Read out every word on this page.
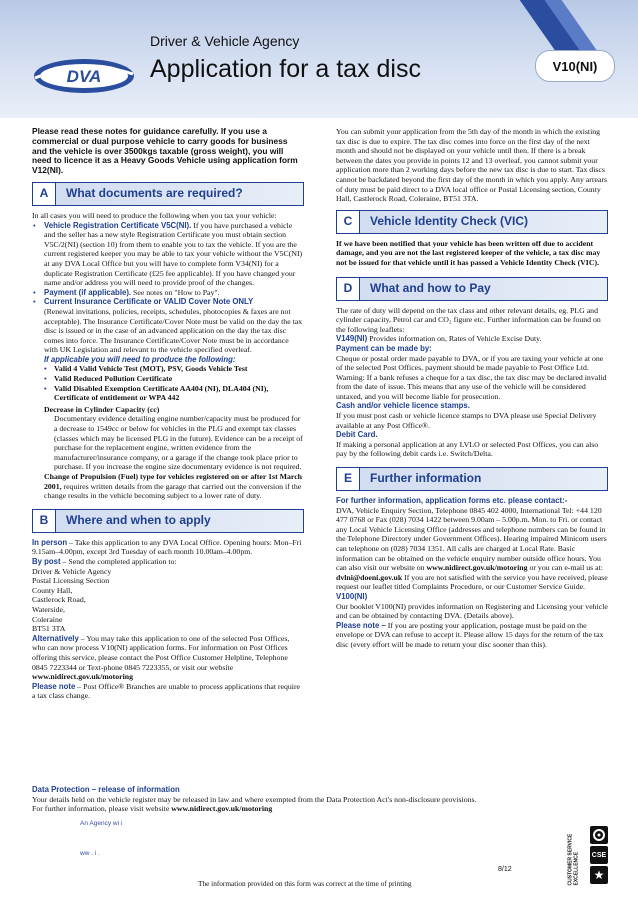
DVA
Driver & Vehicle Agency
Application for a tax disc	V10(NI)

Please read these notes for guidance carefully. If you use a commercial or dual purpose vehicle to carry goods for business and the vehicle is over 3500kgs taxable (gross weight), you will need to licence it as a Heavy Goods Vehicle using application form V12(NI).

A	What documents are required?

In all cases you will need to produce the following when you tax your vehicle:

• Vehicle Registration Certificate V5C(NI). If you have purchased a vehicle and the seller has a new style Registration Certificate you must obtain section V5C/2(NI) (section 10) from them to enable you to tax the vehicle. If you are the current registered keeper you may be able to tax your vehicle without the V5C(NI) at any DVA Local Office but you will have to complete form V34(NI) for a duplicate Registration Certificate (£25 fee applicable). If you have changed your name and/or address you will need to provide proof of the changes.

• Payment (if applicable). See notes on "How to Pay".

• Current Insurance Certificate or VALID Cover Note ONLY

(Renewal invitations, policies, receipts, schedules, photocopies & faxes are not acceptable). The Insurance Certificate/Cover Note must be valid on the day the tax disc is issued or in the case of an advanced application on the day the tax disc comes into force. The Insurance Certificate/Cover Note must be in accordance with UK Legislation and relevant to the vehicle specified overleaf.

If applicable you will need to produce the following:

• Valid 4 Valid Vehicle Test (MOT), PSV, Goods Vehicle Test

• Valid Reduced Pollution Certificate

• Valid Disabled Exemption Certificate AA404 (NI), DLA404 (NI), Certificate of entitlement or WPA 442

Decrease in Cylinder Capacity (cc)

Documentary evidence detailing engine number/capacity must be produced for a decrease to 1549cc or below for vehicles in the PLG and exempt tax classes (classes which may be licensed PLG in the future). Evidence can be a receipt of purchase for the replacement engine, written evidence from the manufacturer/insurance company, or a garage if the change took place prior to purchase. If you increase the engine size documentary evidence is not required.

Change of Propulsion (Fuel) type for vehicles registered on or after 1st March 2001, requires written details from the garage that carried out the conversion if the change results in the vehicle becoming subject to a lower rate of duty.

B	Where and when to apply

In person – Take this application to any DVA Local Office. Opening hours: Mon–Fri 9.15am–4.00pm, except 3rd Tuesday of each month 10.00am–4.00pm.

By post – Send the completed application to:

Driver & Vehicle Agency

Postal Licensing Section

County Hall,

Castlerock Road,

Waterside,

Coleraine

BT51 3TA

Alternatively – You may take this application to one of the selected Post Offices, who can now process V10(NI) application forms. For information on Post Offices offering this service, please contact the Post Office Customer Helpline, Telephone 0845 7223344 or Text-phone 0845 7223355, or visit our website www.nidirect.gov.uk/motoring

Please note – Post Office® Branches are unable to process applications that require a tax class change.

You can submit your application from the 5th day of the month in which the existing tax disc is due to expire. The tax disc comes into force on the first day of the next month and should not be displayed on your vehicle until then. If there is a break between the dates you provide in points 12 and 13 overleaf, you cannot submit your application more than 2 working days before the new tax disc is due to start. Tax discs cannot be backdated beyond the first day of the month in which you apply. Any arrears of duty must be paid direct to a DVA local office or Postal Licensing section, County Hall, Castlerock Road, Coleraine, BT51 3TA.

C	Vehicle Identity Check (VIC)

If we have been notified that your vehicle has been written off due to accident damage, and you are not the last registered keeper of the vehicle, a tax disc may not be issued for that vehicle until it has passed a Vehicle Identity Check (VIC).

D	What and how to Pay

The rate of duty will depend on the tax class and other relevant details, eg. PLG and cylinder capacity, Petrol car and CO₂ figure etc. Further information can be found on the following leaflets:

V149(NI) Provides information on, Rates of Vehicle Excise Duty.

Payment can be made by:

Cheque or postal order made payable to DVA, or if you are taxing your vehicle at one of the selected Post Offices, payment should be made payable to Post Office Ltd. Warning: If a bank refuses a cheque for a tax disc, the tax disc may be declared invalid from the date of issue. This means that any use of the vehicle will be considered untaxed, and you will become liable for prosecution.

Cash and/or vehicle licence stamps.

If you must post cash or vehicle licence stamps to DVA please use Special Delivery available at any Post Office®.

Debit Card.

If making a personal application at any LVLO or selected Post Offices, you can also pay by the following debit cards i.e. Switch/Delta.

E	Further information

For further information, application forms etc. please contact:-

DVA, Vehicle Enquiry Section, Telephone 0845 402 4000, International Tel: +44 120 477 0768 or Fax (028) 7034 1422 between 9.00am – 5.00p.m. Mon. to Fri. or contact any Local Vehicle Licensing Office (addresses and telephone numbers can be found in the Telephone Directory under Government Offices). Hearing impaired Minicom users can telephone on (028) 7034 1351. All calls are charged at Local Rate. Basic information can be obtained on the vehicle enquiry number outside office hours. You can also visit our website on www.nidirect.gov.uk/motoring or you can e-mail us at: dvlni@doeni.gov.uk If you are not satisfied with the service you have received, please request our leaflet titled Complaints Procedure, or our Customer Service Guide.

V100(NI)

Our booklet V100(NI) provides information on Registering and Licensing your vehicle and can be obtained by contacting DVA. (Details above).

Please note – If you are posting your application, postage must be paid on the envelope or DVA can refuse to accept it. Please allow 15 days for the return of the tax disc (every effort will be made to return your disc sooner than this).

Data Protection – release of information

Your details held on the vehicle register may be released in law and where exempted from the Data Protection Act's non-disclosure provisions.

For further information, please visit website www.nidirect.gov.uk/motoring

An Agency wi i
ww . i .	CUSTOMER SERVICE EXCELLENCE CSE
★
8/12
The information provided on this form was correct at the time of printing
